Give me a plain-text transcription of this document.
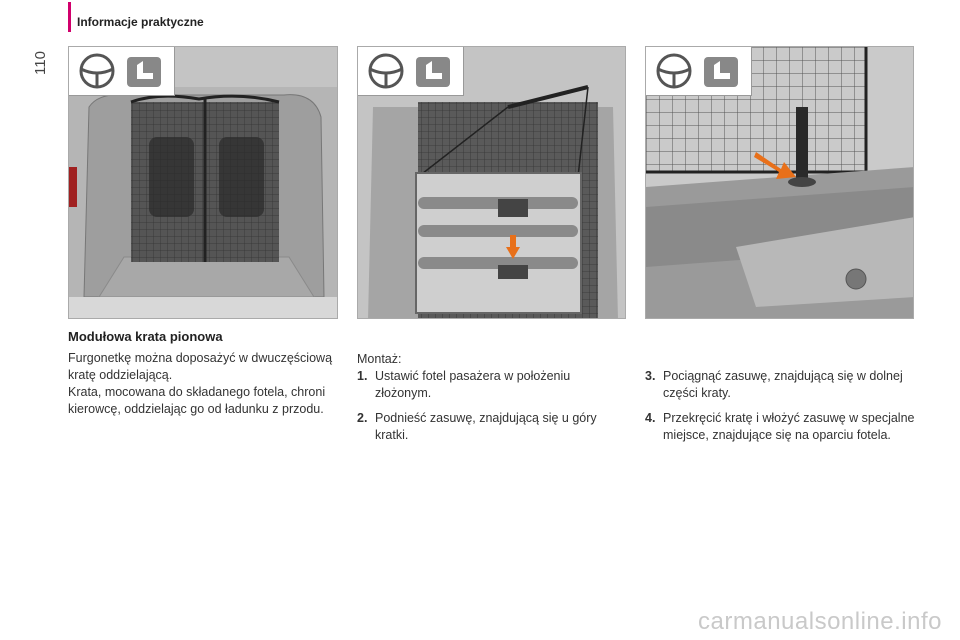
110
Informacje praktyczne
Modułowa krata pionowa

Furgonetkę można doposażyć w dwuczęściową kratę oddzielającą.

Krata, mocowana do składanego fotela, chroni kierowcę, oddzielając go od ładunku z przodu.

Montaż:

1. Ustawić fotel pasażera w położeniu złożonym.
2. Podnieść zasuwę, znajdującą się u góry kratki.
3. Pociągnąć zasuwę, znajdującą się w dolnej części kraty.
4. Przekręcić kratę i włożyć zasuwę w specjalne miejsce, znajdujące się na oparciu fotela.
carmanualsonline.info
